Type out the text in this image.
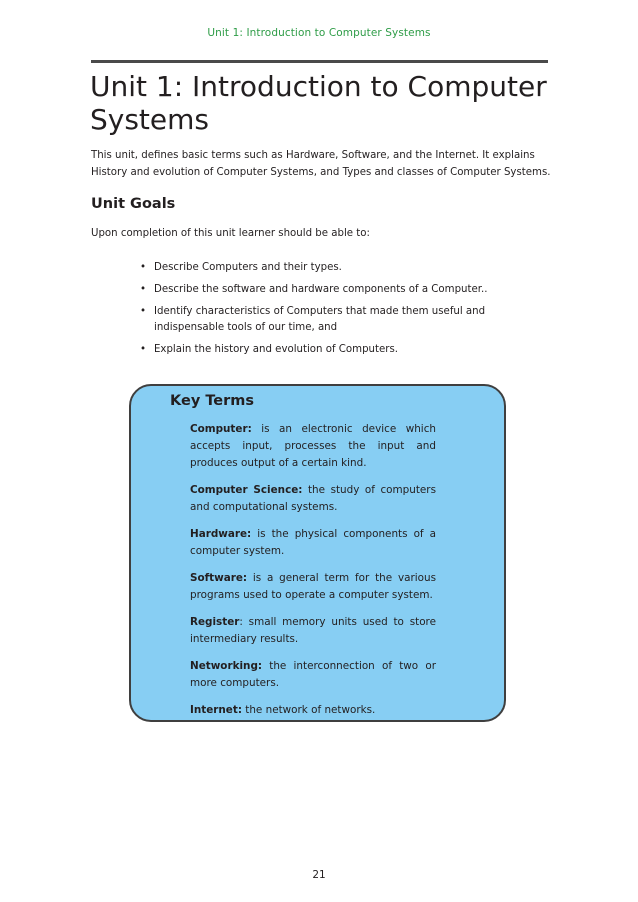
Unit 1: Introduction to Computer Systems
Unit 1: Introduction to Computer Systems

This unit, defines basic terms such as Hardware, Software, and the Internet. It explains History and evolution of Computer Systems, and Types and classes of Computer Systems.

Unit Goals

Upon completion of this unit learner should be able to:

• Describe Computers and their types.
• Describe the software and hardware components of a Computer..
• Identify characteristics of Computers that made them useful and indispensable tools of our time, and
• Explain the history and evolution of Computers.
Key Terms

Computer: is an electronic device which accepts input, processes the input and produces output of a certain kind.

Computer Science: the study of computers and computational systems.

Hardware: is the physical components of a computer system.

Software: is a general term for the various programs used to operate a computer system.

Register: small memory units used to store intermediary results.

Networking: the interconnection of two or more computers.

Internet: the network of networks.

21
